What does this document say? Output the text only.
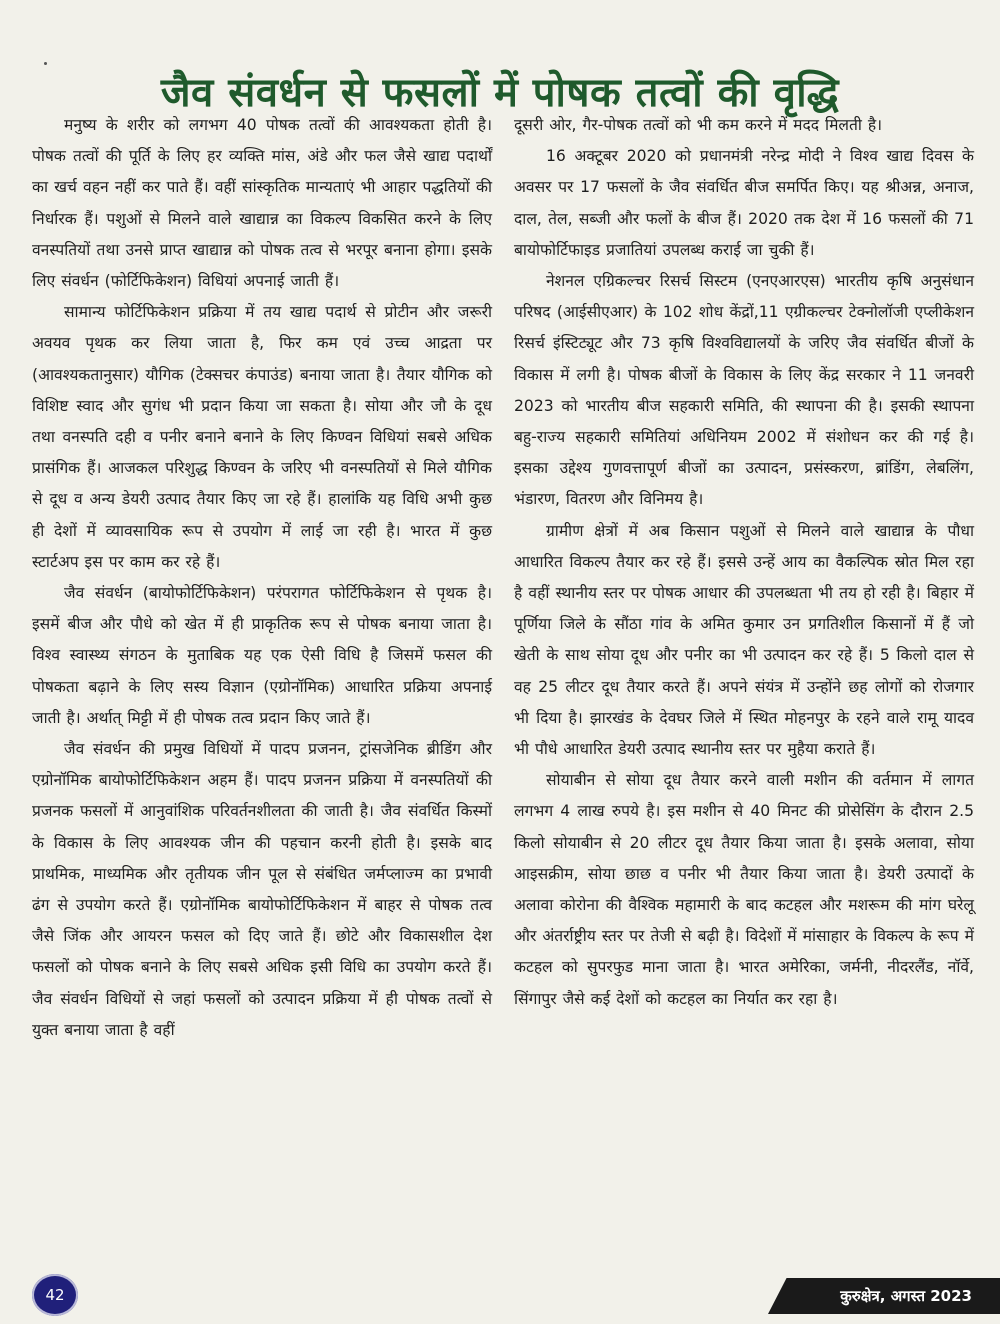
जैव संवर्धन से फसलों में पोषक तत्वों की वृद्धि

मनुष्य के शरीर को लगभग 40 पोषक तत्वों की आवश्यकता होती है। पोषक तत्वों की पूर्ति के लिए हर व्यक्ति मांस, अंडे और फल जैसे खाद्य पदार्थों का खर्च वहन नहीं कर पाते हैं। वहीं सांस्कृतिक मान्यताएं भी आहार पद्धतियों की निर्धारक हैं। पशुओं से मिलने वाले खाद्यान्न का विकल्प विकसित करने के लिए वनस्पतियों तथा उनसे प्राप्त खाद्यान्न को पोषक तत्व से भरपूर बनाना होगा। इसके लिए संवर्धन (फोर्टिफिकेशन) विधियां अपनाई जाती हैं।

सामान्य फोर्टिफिकेशन प्रक्रिया में तय खाद्य पदार्थ से प्रोटीन और जरूरी अवयव पृथक कर लिया जाता है, फिर कम एवं उच्च आद्रता पर (आवश्यकतानुसार) यौगिक (टेक्सचर कंपाउंड) बनाया जाता है। तैयार यौगिक को विशिष्ट स्वाद और सुगंध भी प्रदान किया जा सकता है। सोया और जौ के दूध तथा वनस्पति दही व पनीर बनाने बनाने के लिए किण्वन विधियां सबसे अधिक प्रासंगिक हैं। आजकल परिशुद्ध किण्वन के जरिए भी वनस्पतियों से मिले यौगिक से दूध व अन्य डेयरी उत्पाद तैयार किए जा रहे हैं। हालांकि यह विधि अभी कुछ ही देशों में व्यावसायिक रूप से उपयोग में लाई जा रही है। भारत में कुछ स्टार्टअप इस पर काम कर रहे हैं।

जैव संवर्धन (बायोफोर्टिफिकेशन) परंपरागत फोर्टिफिकेशन से पृथक है। इसमें बीज और पौधे को खेत में ही प्राकृतिक रूप से पोषक बनाया जाता है। विश्व स्वास्थ्य संगठन के मुताबिक यह एक ऐसी विधि है जिसमें फसल की पोषकता बढ़ाने के लिए सस्य विज्ञान (एग्रोनॉमिक) आधारित प्रक्रिया अपनाई जाती है। अर्थात् मिट्टी में ही पोषक तत्व प्रदान किए जाते हैं।

जैव संवर्धन की प्रमुख विधियों में पादप प्रजनन, ट्रांसजेनिक ब्रीडिंग और एग्रोनॉमिक बायोफोर्टिफिकेशन अहम हैं। पादप प्रजनन प्रक्रिया में वनस्पतियों की प्रजनक फसलों में आनुवांशिक परिवर्तनशीलता की जाती है। जैव संवर्धित किस्मों के विकास के लिए आवश्यक जीन की पहचान करनी होती है। इसके बाद प्राथमिक, माध्यमिक और तृतीयक जीन पूल से संबंधित जर्मप्लाज्म का प्रभावी ढंग से उपयोग करते हैं। एग्रोनॉमिक बायोफोर्टिफिकेशन में बाहर से पोषक तत्व जैसे जिंक और आयरन फसल को दिए जाते हैं। छोटे और विकासशील देश फसलों को पोषक बनाने के लिए सबसे अधिक इसी विधि का उपयोग करते हैं। जैव संवर्धन विधियों से जहां फसलों को उत्पादन प्रक्रिया में ही पोषक तत्वों से युक्त बनाया जाता है वहीं

दूसरी ओर, गैर-पोषक तत्वों को भी कम करने में मदद मिलती है।

16 अक्टूबर 2020 को प्रधानमंत्री नरेन्द्र मोदी ने विश्व खाद्य दिवस के अवसर पर 17 फसलों के जैव संवर्धित बीज समर्पित किए। यह श्रीअन्न, अनाज, दाल, तेल, सब्जी और फलों के बीज हैं। 2020 तक देश में 16 फसलों की 71 बायोफोर्टिफाइड प्रजातियां उपलब्ध कराई जा चुकी हैं।

नेशनल एग्रिकल्चर रिसर्च सिस्टम (एनएआरएस) भारतीय कृषि अनुसंधान परिषद (आईसीएआर) के 102 शोध केंद्रों,11 एग्रीकल्चर टेक्नोलॉजी एप्लीकेशन रिसर्च इंस्टिट्यूट और 73 कृषि विश्वविद्यालयों के जरिए जैव संवर्धित बीजों के विकास में लगी है। पोषक बीजों के विकास के लिए केंद्र सरकार ने 11 जनवरी 2023 को भारतीय बीज सहकारी समिति, की स्थापना की है। इसकी स्थापना बहु-राज्य सहकारी समितियां अधिनियम 2002 में संशोधन कर की गई है। इसका उद्देश्य गुणवत्तापूर्ण बीजों का उत्पादन, प्रसंस्करण, ब्रांडिंग, लेबलिंग, भंडारण, वितरण और विनिमय है।

ग्रामीण क्षेत्रों में अब किसान पशुओं से मिलने वाले खाद्यान्न के पौधा आधारित विकल्प तैयार कर रहे हैं। इससे उन्हें आय का वैकल्पिक स्रोत मिल रहा है वहीं स्थानीय स्तर पर पोषक आधार की उपलब्धता भी तय हो रही है। बिहार में पूर्णिया जिले के सौंठा गांव के अमित कुमार उन प्रगतिशील किसानों में हैं जो खेती के साथ सोया दूध और पनीर का भी उत्पादन कर रहे हैं। 5 किलो दाल से वह 25 लीटर दूध तैयार करते हैं। अपने संयंत्र में उन्होंने छह लोगों को रोजगार भी दिया है। झारखंड के देवघर जिले में स्थित मोहनपुर के रहने वाले रामू यादव भी पौधे आधारित डेयरी उत्पाद स्थानीय स्तर पर मुहैया कराते हैं।

सोयाबीन से सोया दूध तैयार करने वाली मशीन की वर्तमान में लागत लगभग 4 लाख रुपये है। इस मशीन से 40 मिनट की प्रोसेसिंग के दौरान 2.5 किलो सोयाबीन से 20 लीटर दूध तैयार किया जाता है। इसके अलावा, सोया आइसक्रीम, सोया छाछ व पनीर भी तैयार किया जाता है। डेयरी उत्पादों के अलावा कोरोना की वैश्विक महामारी के बाद कटहल और मशरूम की मांग घरेलू और अंतर्राष्ट्रीय स्तर पर तेजी से बढ़ी है। विदेशों में मांसाहार के विकल्प के रूप में कटहल को सुपरफुड माना जाता है। भारत अमेरिका, जर्मनी, नीदरलैंड, नॉर्वे, सिंगापुर जैसे कई देशों को कटहल का निर्यात कर रहा है।

42	कुरुक्षेत्र, अगस्त 2023
